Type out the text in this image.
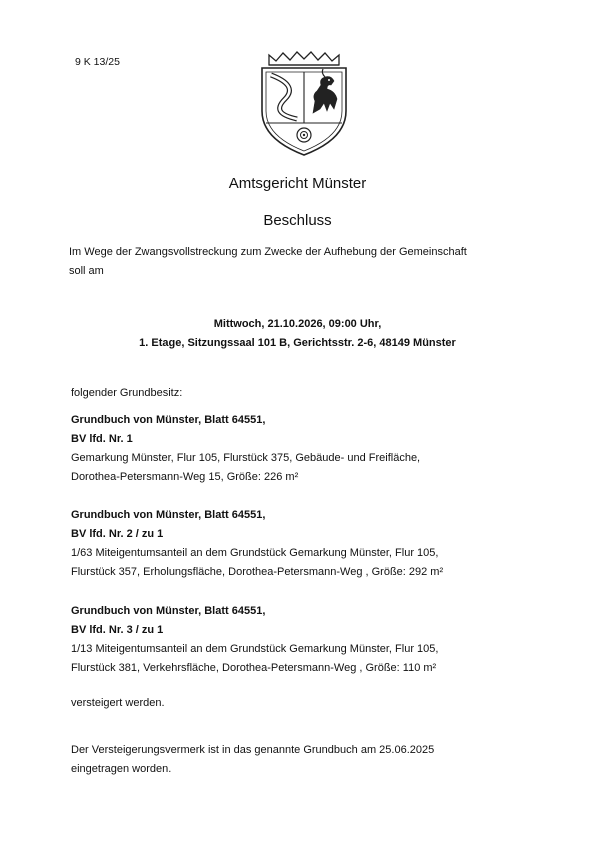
9 K 13/25
Amtsgericht Münster
Beschluss
Im Wege der Zwangsvollstreckung zum Zwecke der Aufhebung der Gemeinschaft
soll am
Mittwoch, 21.10.2026, 09:00 Uhr,
1. Etage, Sitzungssaal 101 B, Gerichtsstr. 2-6, 48149 Münster
folgender Grundbesitz:
Grundbuch von Münster, Blatt 64551,
BV lfd. Nr. 1
Gemarkung Münster, Flur 105, Flurstück 375, Gebäude- und Freifläche,
Dorothea-Petersmann-Weg 15, Größe: 226 m²
Grundbuch von Münster, Blatt 64551,
BV lfd. Nr. 2 / zu 1
1/63 Miteigentumsanteil an dem Grundstück Gemarkung Münster, Flur 105,
Flurstück 357, Erholungsfläche, Dorothea-Petersmann-Weg , Größe: 292 m²
Grundbuch von Münster, Blatt 64551,
BV lfd. Nr. 3 / zu 1
1/13 Miteigentumsanteil an dem Grundstück Gemarkung Münster, Flur 105,
Flurstück 381, Verkehrsfläche, Dorothea-Petersmann-Weg , Größe: 110 m²
versteigert werden.
Der Versteigerungsvermerk ist in das genannte Grundbuch am 25.06.2025
eingetragen worden.
